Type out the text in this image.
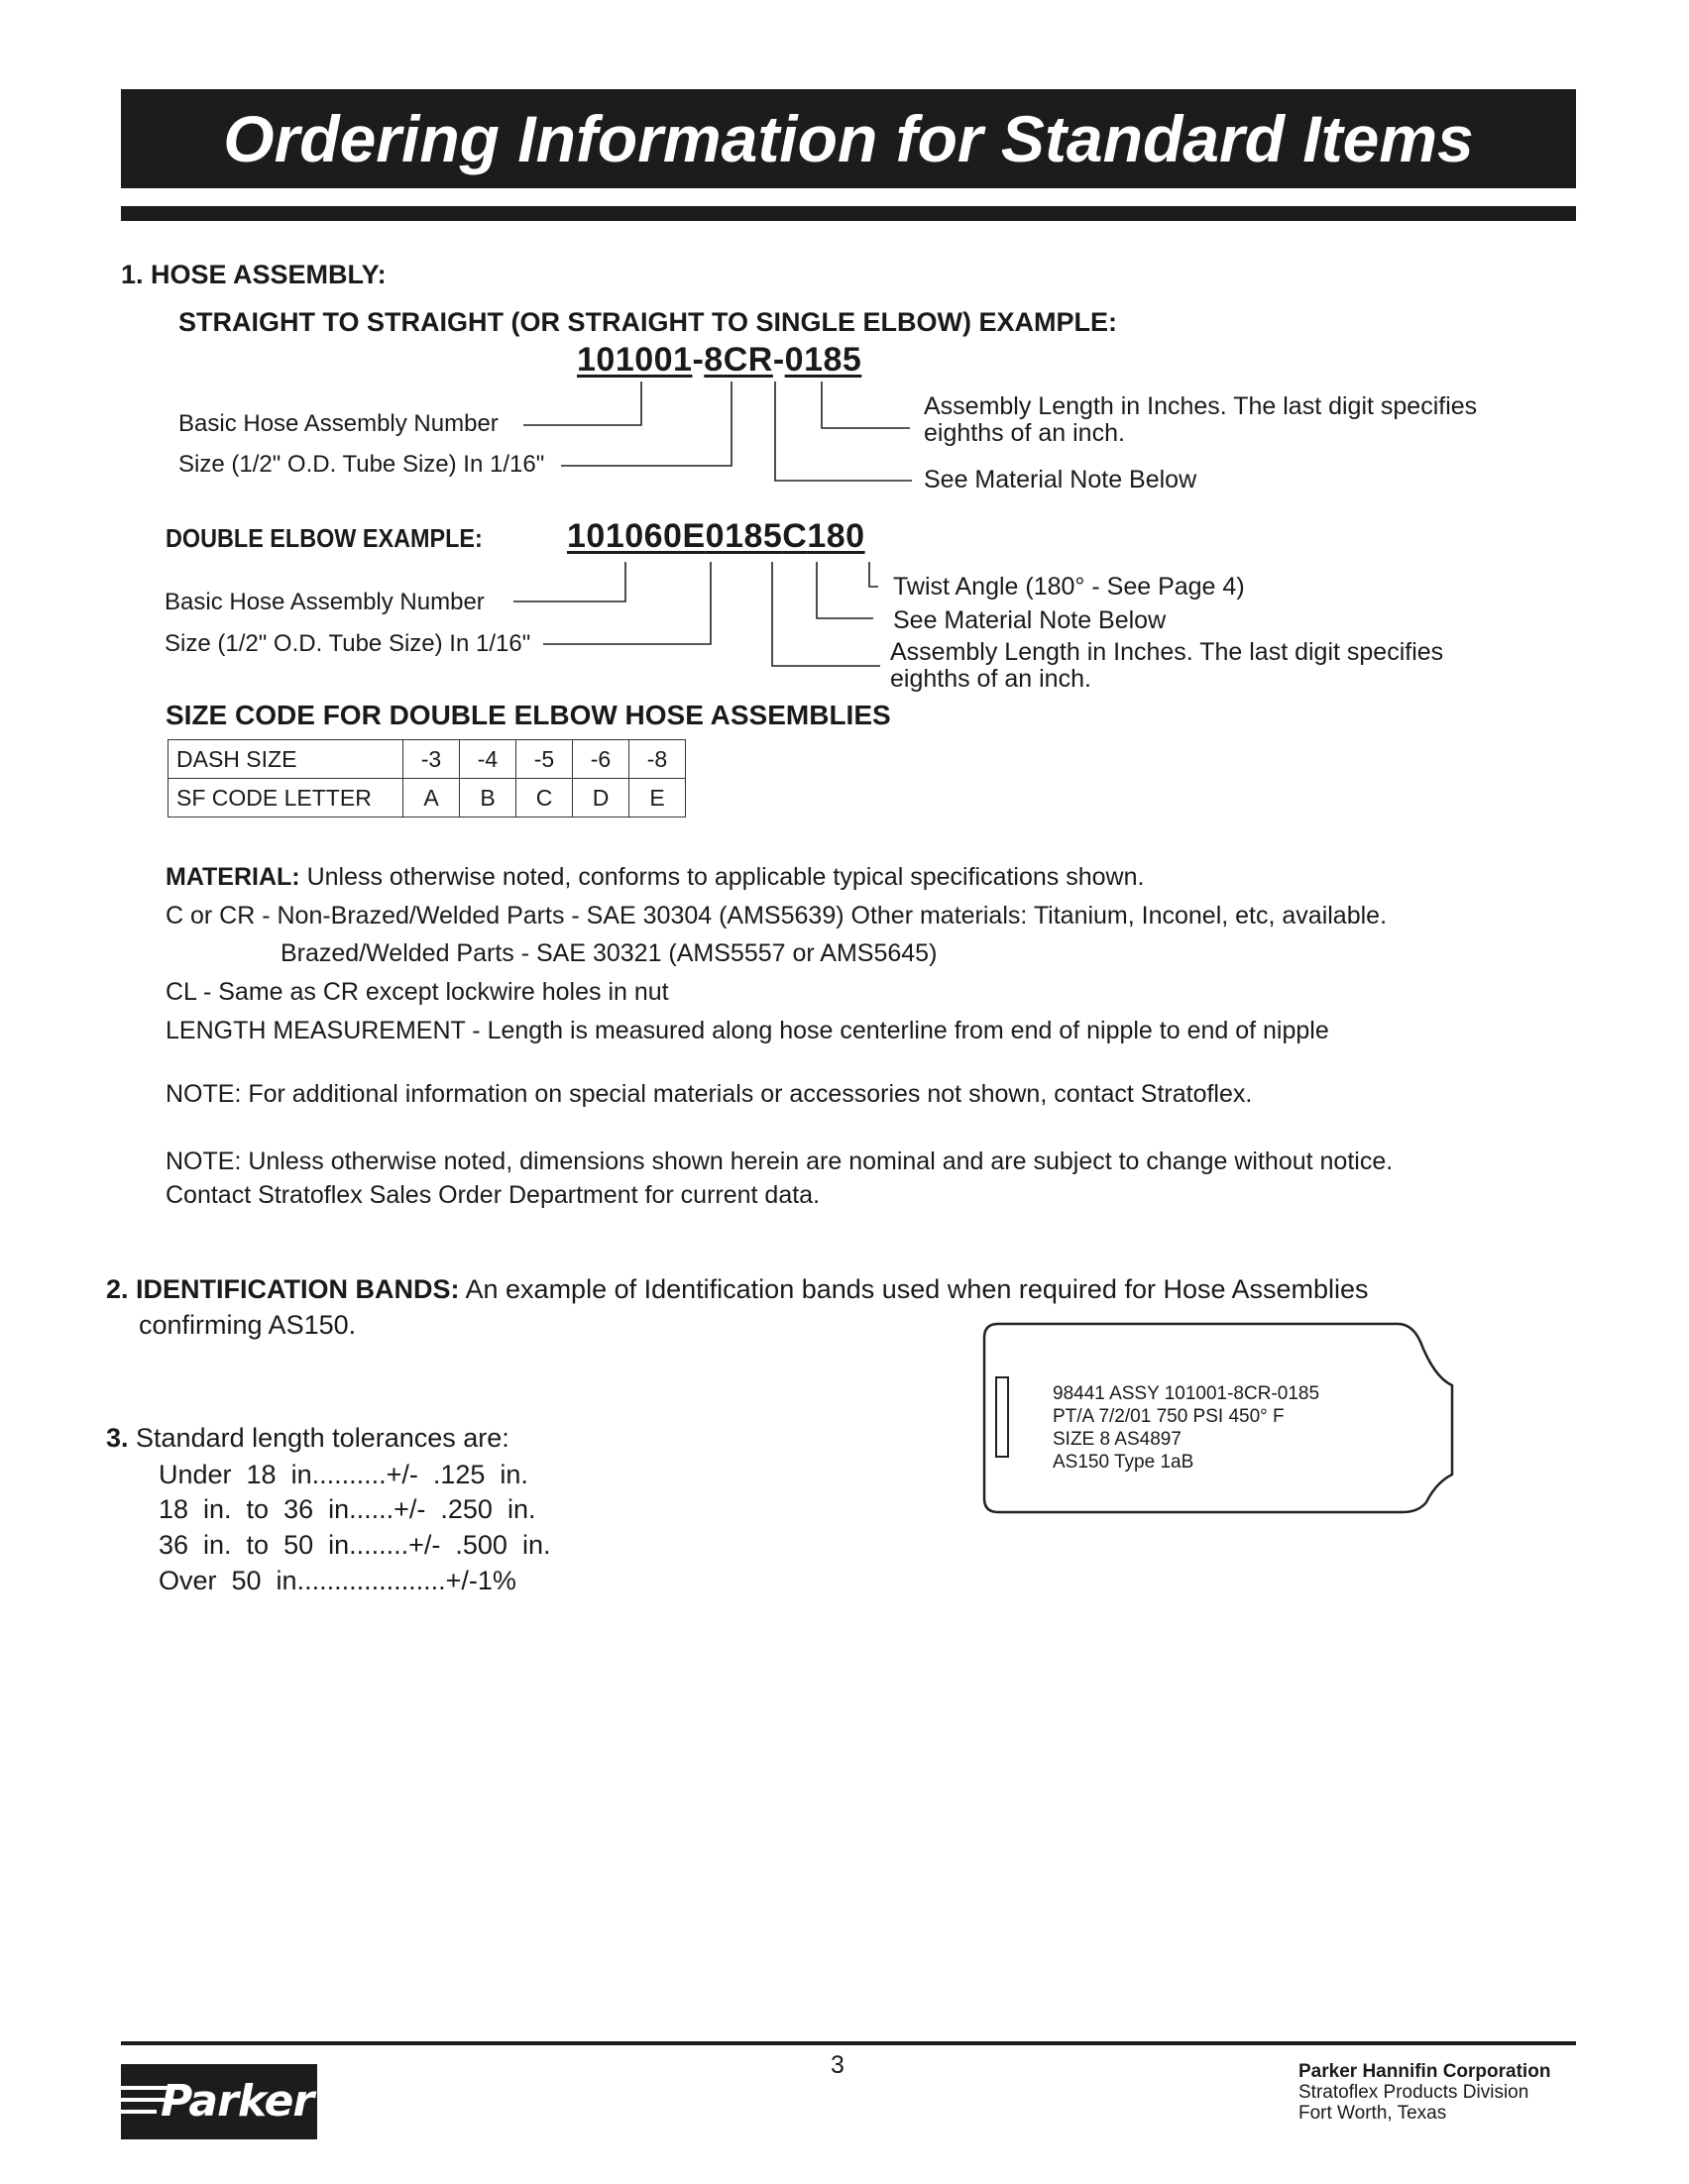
Ordering Information for Standard Items
1. HOSE ASSEMBLY:
STRAIGHT TO STRAIGHT (OR STRAIGHT TO SINGLE ELBOW) EXAMPLE:
101001-8CR-0185
Basic Hose Assembly Number
Size (1/2" O.D. Tube Size) In 1/16"
Assembly Length in Inches. The last digit specifies
eighths of an inch.
See Material Note Below
DOUBLE ELBOW EXAMPLE:	101060E0185C180
Basic Hose Assembly Number
Size (1/2" O.D. Tube Size) In 1/16"
Twist Angle (180° - See Page 4)
See Material Note Below
Assembly Length in Inches. The last digit specifies
eighths of an inch.
SIZE CODE FOR DOUBLE ELBOW HOSE ASSEMBLIES
DASH SIZE	-3	-4	-5	-6	-8
SF CODE LETTER	A	B	C	D	E
MATERIAL: Unless otherwise noted, conforms to applicable typical specifications shown.
C or CR - Non-Brazed/Welded Parts - SAE 30304 (AMS5639) Other materials: Titanium, Inconel, etc, available.
Brazed/Welded Parts - SAE 30321 (AMS5557 or AMS5645)
CL - Same as CR except lockwire holes in nut
LENGTH MEASUREMENT - Length is measured along hose centerline from end of nipple to end of nipple
NOTE: For additional information on special materials or accessories not shown, contact Stratoflex.
NOTE: Unless otherwise noted, dimensions shown herein are nominal and are subject to change without notice.
Contact Stratoflex Sales Order Department for current data.
2. IDENTIFICATION BANDS: An example of Identification bands used when required for Hose Assemblies
confirming AS150.
98441 ASSY 101001-8CR-0185
PT/A 7/2/01 750 PSI 450° F
SIZE 8 AS4897
AS150 Type 1aB
3. Standard length tolerances are:
Under  18  in..........+/-  .125  in.
18  in.  to  36  in......+/-  .250  in.
36  in.  to  50  in........+/-  .500  in.
Over  50  in....................+/-1%
Parker
3	Parker Hannifin Corporation
Stratoflex Products Division
Fort Worth, Texas
